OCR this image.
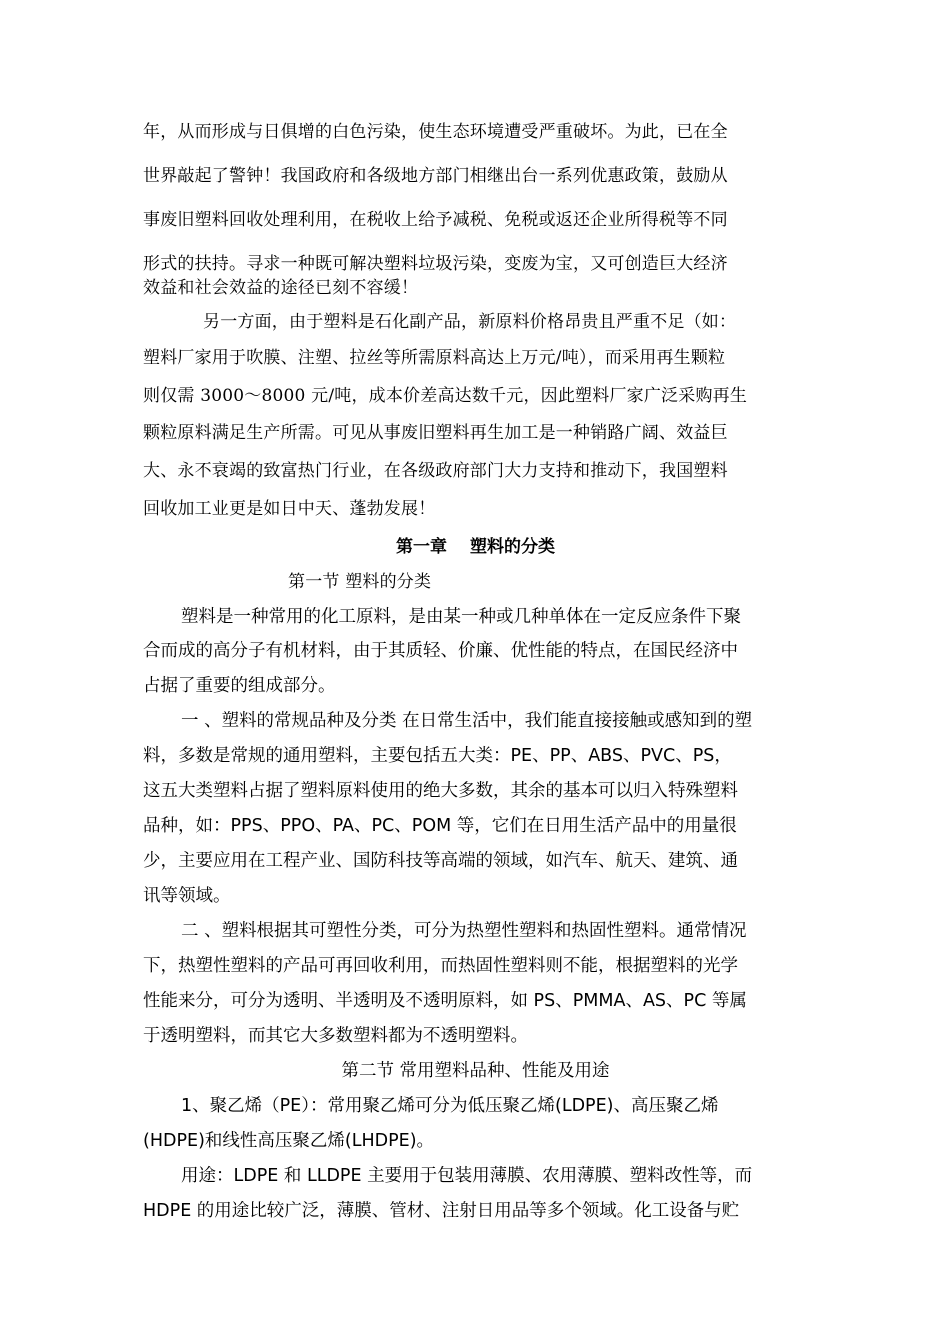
年，从而形成与日俱增的白色污染，使生态环境遭受严重破坏。为此，已在全

世界敲起了警钟！我国政府和各级地方部门相继出台一系列优惠政策，鼓励从

事废旧塑料回收处理利用，在税收上给予减税、免税或返还企业所得税等不同

形式的扶持。寻求一种既可解决塑料垃圾污染，变废为宝，又可创造巨大经济

效益和社会效益的途径已刻不容缓！

另一方面，由于塑料是石化副产品，新原料价格昂贵且严重不足（如：

塑料厂家用于吹膜、注塑、拉丝等所需原料高达上万元/吨），而采用再生颗粒

则仅需 3000～8000 元/吨，成本价差高达数千元，因此塑料厂家广泛采购再生

颗粒原料满足生产所需。可见从事废旧塑料再生加工是一种销路广阔、效益巨

大、永不衰竭的致富热门行业，在各级政府部门大力支持和推动下，我国塑料

回收加工业更是如日中天、蓬勃发展！

第一章　 塑料的分类

第一节 塑料的分类

塑料是一种常用的化工原料，是由某一种或几种单体在一定反应条件下聚

合而成的高分子有机材料，由于其质轻、价廉、优性能的特点，在国民经济中

占据了重要的组成部分。

一 、塑料的常规品种及分类 在日常生活中，我们能直接接触或感知到的塑

料，多数是常规的通用塑料，主要包括五大类：PE、PP、ABS、PVC、PS，

这五大类塑料占据了塑料原料使用的绝大多数，其余的基本可以归入特殊塑料

品种，如：PPS、PPO、PA、PC、POM 等，它们在日用生活产品中的用量很

少，主要应用在工程产业、国防科技等高端的领域，如汽车、航天、建筑、通

讯等领域。

二 、塑料根据其可塑性分类，可分为热塑性塑料和热固性塑料。通常情况

下，热塑性塑料的产品可再回收利用，而热固性塑料则不能，根据塑料的光学

性能来分，可分为透明、半透明及不透明原料，如 PS、PMMA、AS、PC 等属

于透明塑料，而其它大多数塑料都为不透明塑料。

第二节 常用塑料品种、性能及用途

1、聚乙烯（PE）：常用聚乙烯可分为低压聚乙烯(LDPE)、高压聚乙烯

(HDPE)和线性高压聚乙烯(LHDPE)。

用途：LDPE 和 LLDPE 主要用于包装用薄膜、农用薄膜、塑料改性等，而

HDPE 的用途比较广泛，薄膜、管材、注射日用品等多个领域。化工设备与贮
